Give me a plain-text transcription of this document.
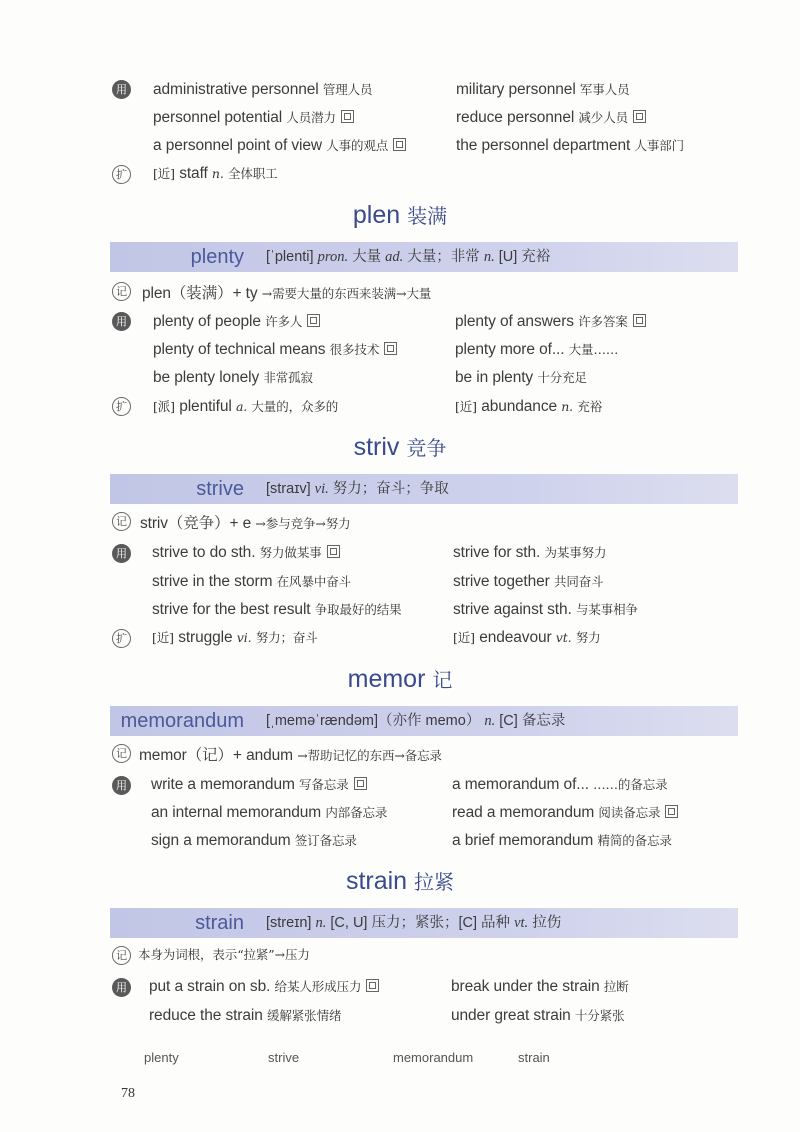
用 administrative personnel 管理人员	military personnel 军事人员
personnel potential 人员潜力	reduce personnel 减少人员
a personnel point of view 人事的观点	the personnel department 人事部门
扩	[近] staff n. 全体职工
plen 装满
plenty [ˈplenti] pron. 大量 ad. 大量；非常 n. [U] 充裕
记 plen（装满）+ ty →需要大量的东西来装满→大量
用 plenty of people 许多人	plenty of answers 许多答案
plenty of technical means 很多技术	plenty more of... 大量……
be plenty lonely 非常孤寂	be in plenty 十分充足
扩	[派] plentiful a. 大量的，众多的	[近] abundance n. 充裕
striv 竞争
strive [straɪv] vi. 努力；奋斗；争取
记 striv（竞争）+ e →参与竞争→努力
用 strive to do sth. 努力做某事	strive for sth. 为某事努力
strive in the storm 在风暴中奋斗	strive together 共同奋斗
strive for the best result 争取最好的结果	strive against sth. 与某事相争
扩	[近] struggle vi. 努力；奋斗	[近] endeavour vt. 努力
memor 记
memorandum [ˌmeməˈrændəm]（亦作 memo） n. [C] 备忘录
记 memor（记）+ andum →帮助记忆的东西→备忘录
用 write a memorandum 写备忘录	a memorandum of... ……的备忘录
an internal memorandum 内部备忘录	read a memorandum 阅读备忘录
sign a memorandum 签订备忘录	a brief memorandum 精简的备忘录
strain 拉紧
strain [streɪn] n. [C, U] 压力；紧张；[C] 品种 vt. 拉伤
记 本身为词根，表示“拉紧”→压力
用 put a strain on sb. 给某人形成压力	break under the strain 拉断
reduce the strain 缓解紧张情绪	under great strain 十分紧张
plenty	strive	memorandum	strain
78
